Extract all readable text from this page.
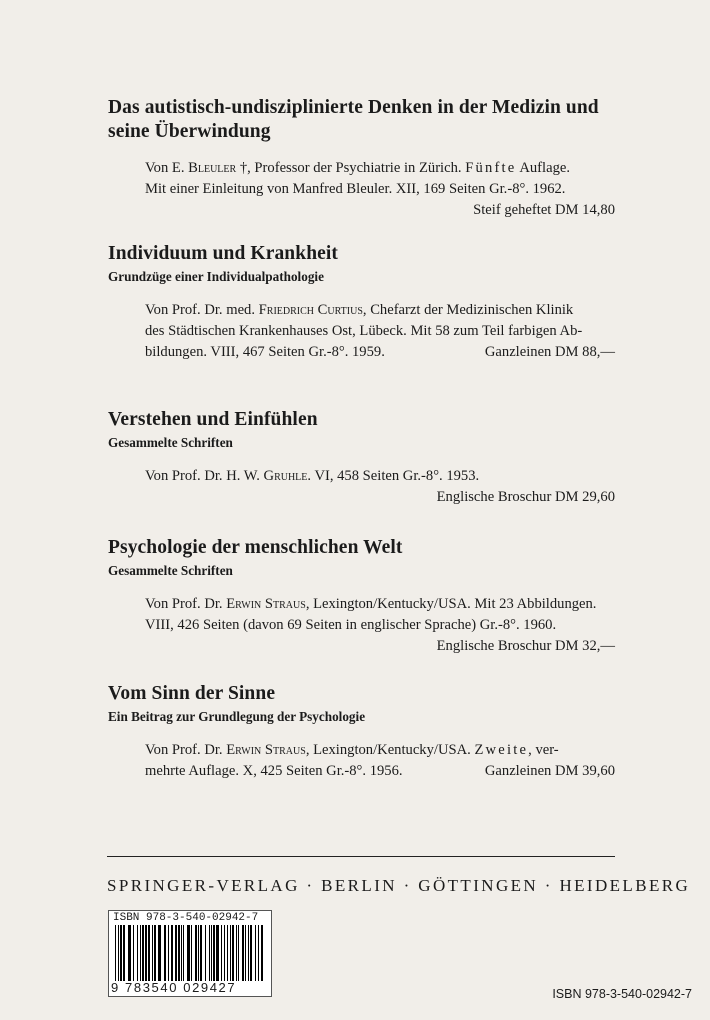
Das autistisch-undisziplinierte Denken in der Medizin und seine Überwindung
Von E. Bleuler †, Professor der Psychiatrie in Zürich. Fünfte Auflage.
Mit einer Einleitung von Manfred Bleuler. XII, 169 Seiten Gr.-8°. 1962.
Steif geheftet DM 14,80
Individuum und Krankheit
Grundzüge einer Individualpathologie
Von Prof. Dr. med. Friedrich Curtius, Chefarzt der Medizinischen Klinik
des Städtischen Krankenhauses Ost, Lübeck. Mit 58 zum Teil farbigen Ab-
bildungen. VIII, 467 Seiten Gr.-8°. 1959.	Ganzleinen DM 88,—
Verstehen und Einfühlen
Gesammelte Schriften
Von Prof. Dr. H. W. Gruhle. VI, 458 Seiten Gr.-8°. 1953.
Englische Broschur DM 29,60
Psychologie der menschlichen Welt
Gesammelte Schriften
Von Prof. Dr. Erwin Straus, Lexington/Kentucky/USA. Mit 23 Abbildungen.
VIII, 426 Seiten (davon 69 Seiten in englischer Sprache) Gr.-8°. 1960.
Englische Broschur DM 32,—
Vom Sinn der Sinne
Ein Beitrag zur Grundlegung der Psychologie
Von Prof. Dr. Erwin Straus, Lexington/Kentucky/USA. Zweite, ver-
mehrte Auflage. X, 425 Seiten Gr.-8°. 1956.	Ganzleinen DM 39,60
SPRINGER-VERLAG · BERLIN · GÖTTINGEN · HEIDELBERG
ISBN 978-3-540-02942-7
9 783540 029427	ISBN 978-3-540-02942-7
